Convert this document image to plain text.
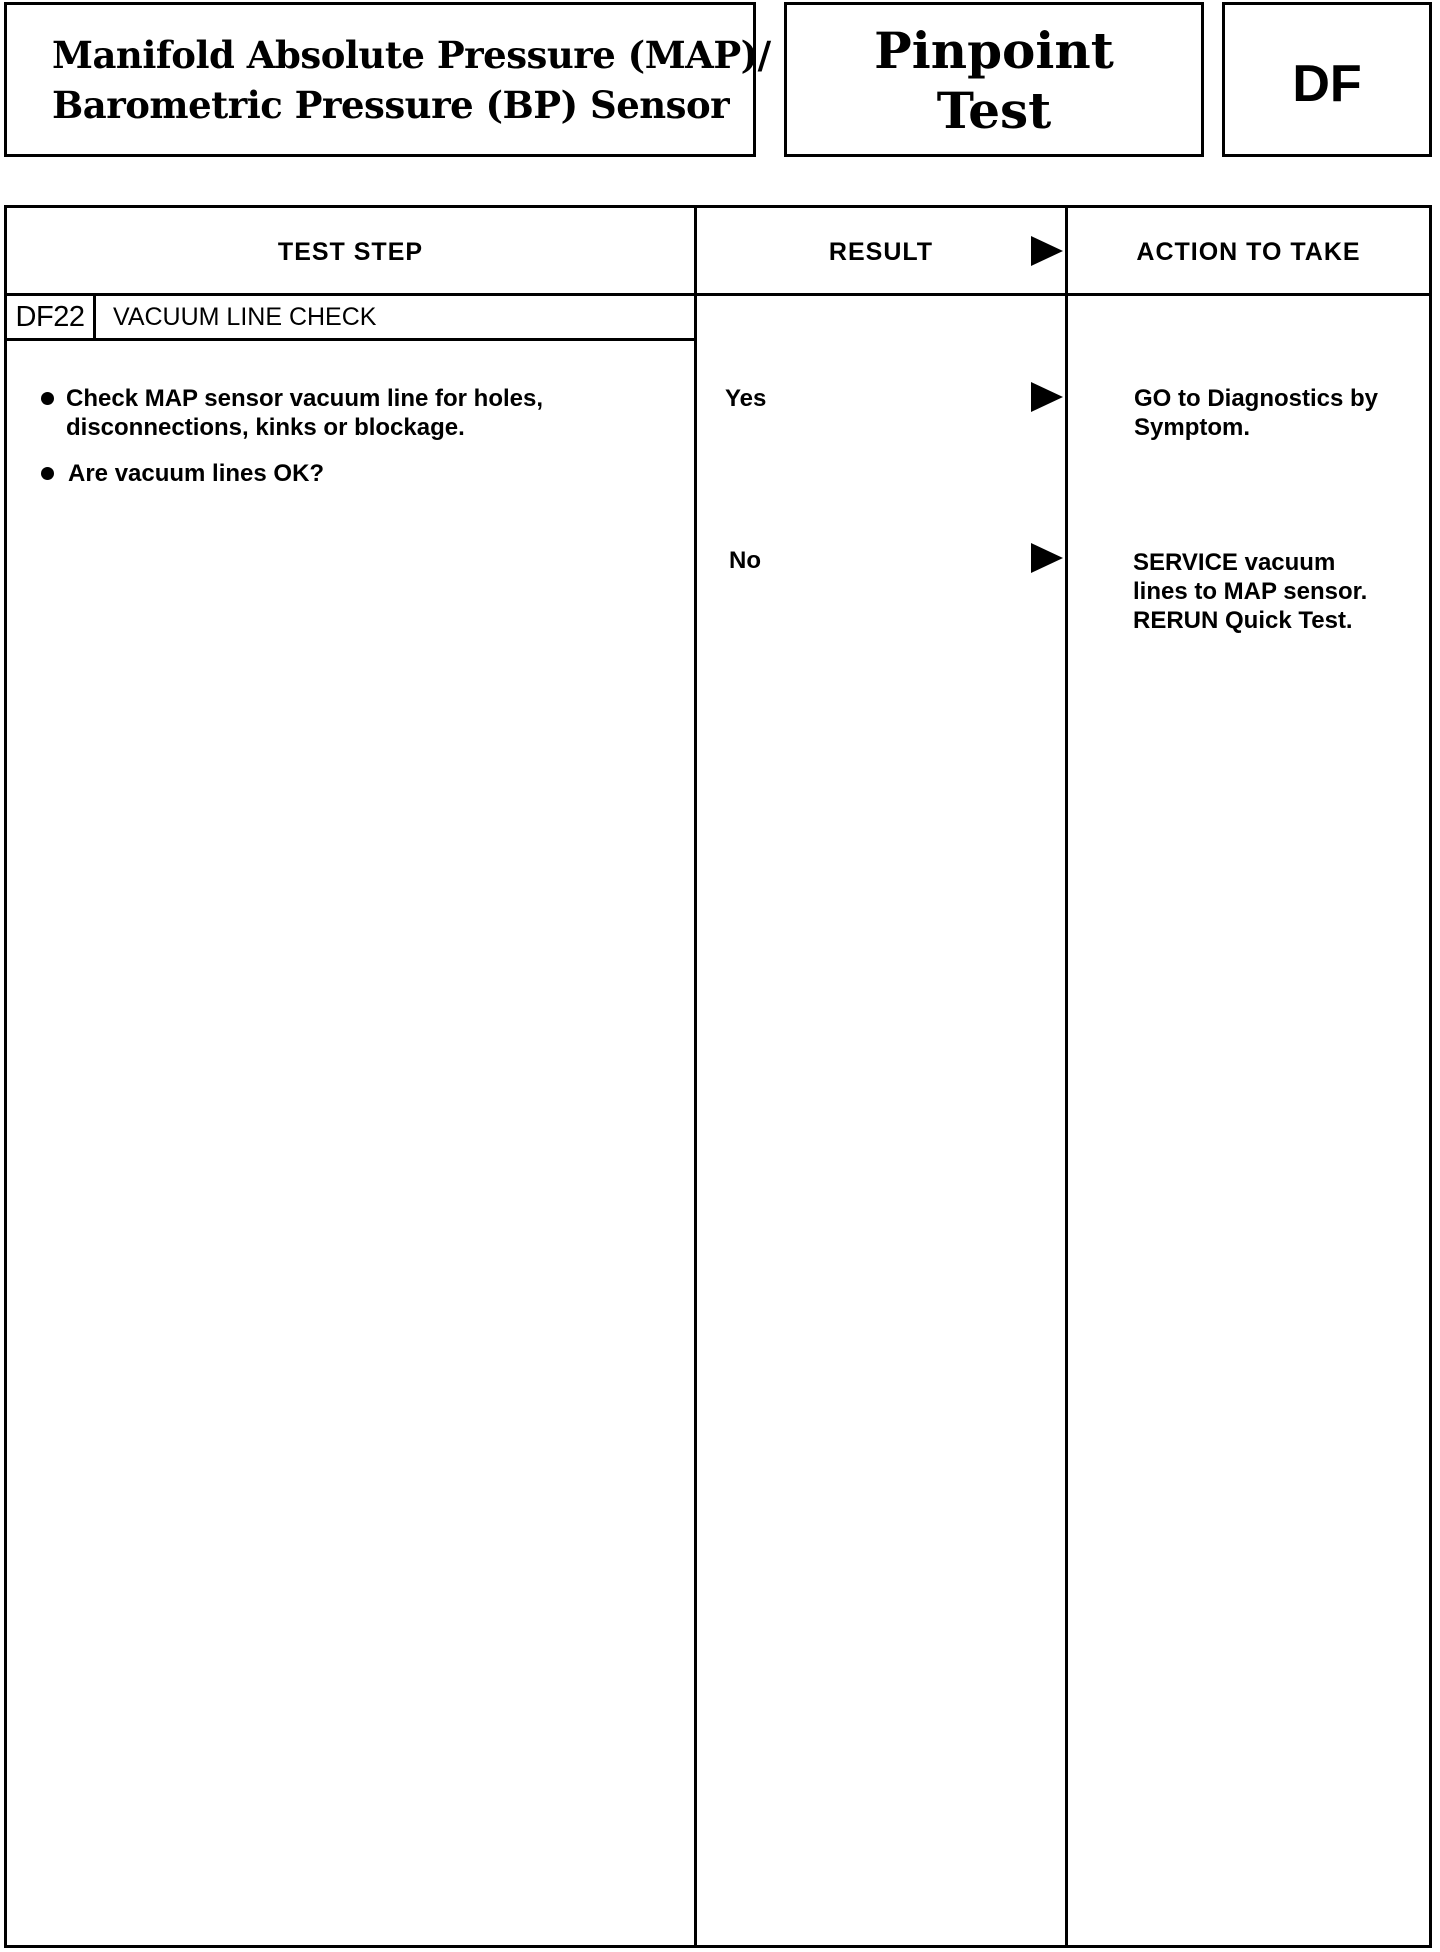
Manifold Absolute Pressure (MAP)/
Barometric Pressure (BP) Sensor
Pinpoint
Test	DF
TEST STEP	RESULT	ACTION TO TAKE
DF22	VACUUM LINE CHECK
Check MAP sensor vacuum line for holes,
disconnections, kinks or blockage.
Are vacuum lines OK?
Yes	GO to Diagnostics by
Symptom.
No	SERVICE vacuum
lines to MAP sensor.
RERUN Quick Test.
